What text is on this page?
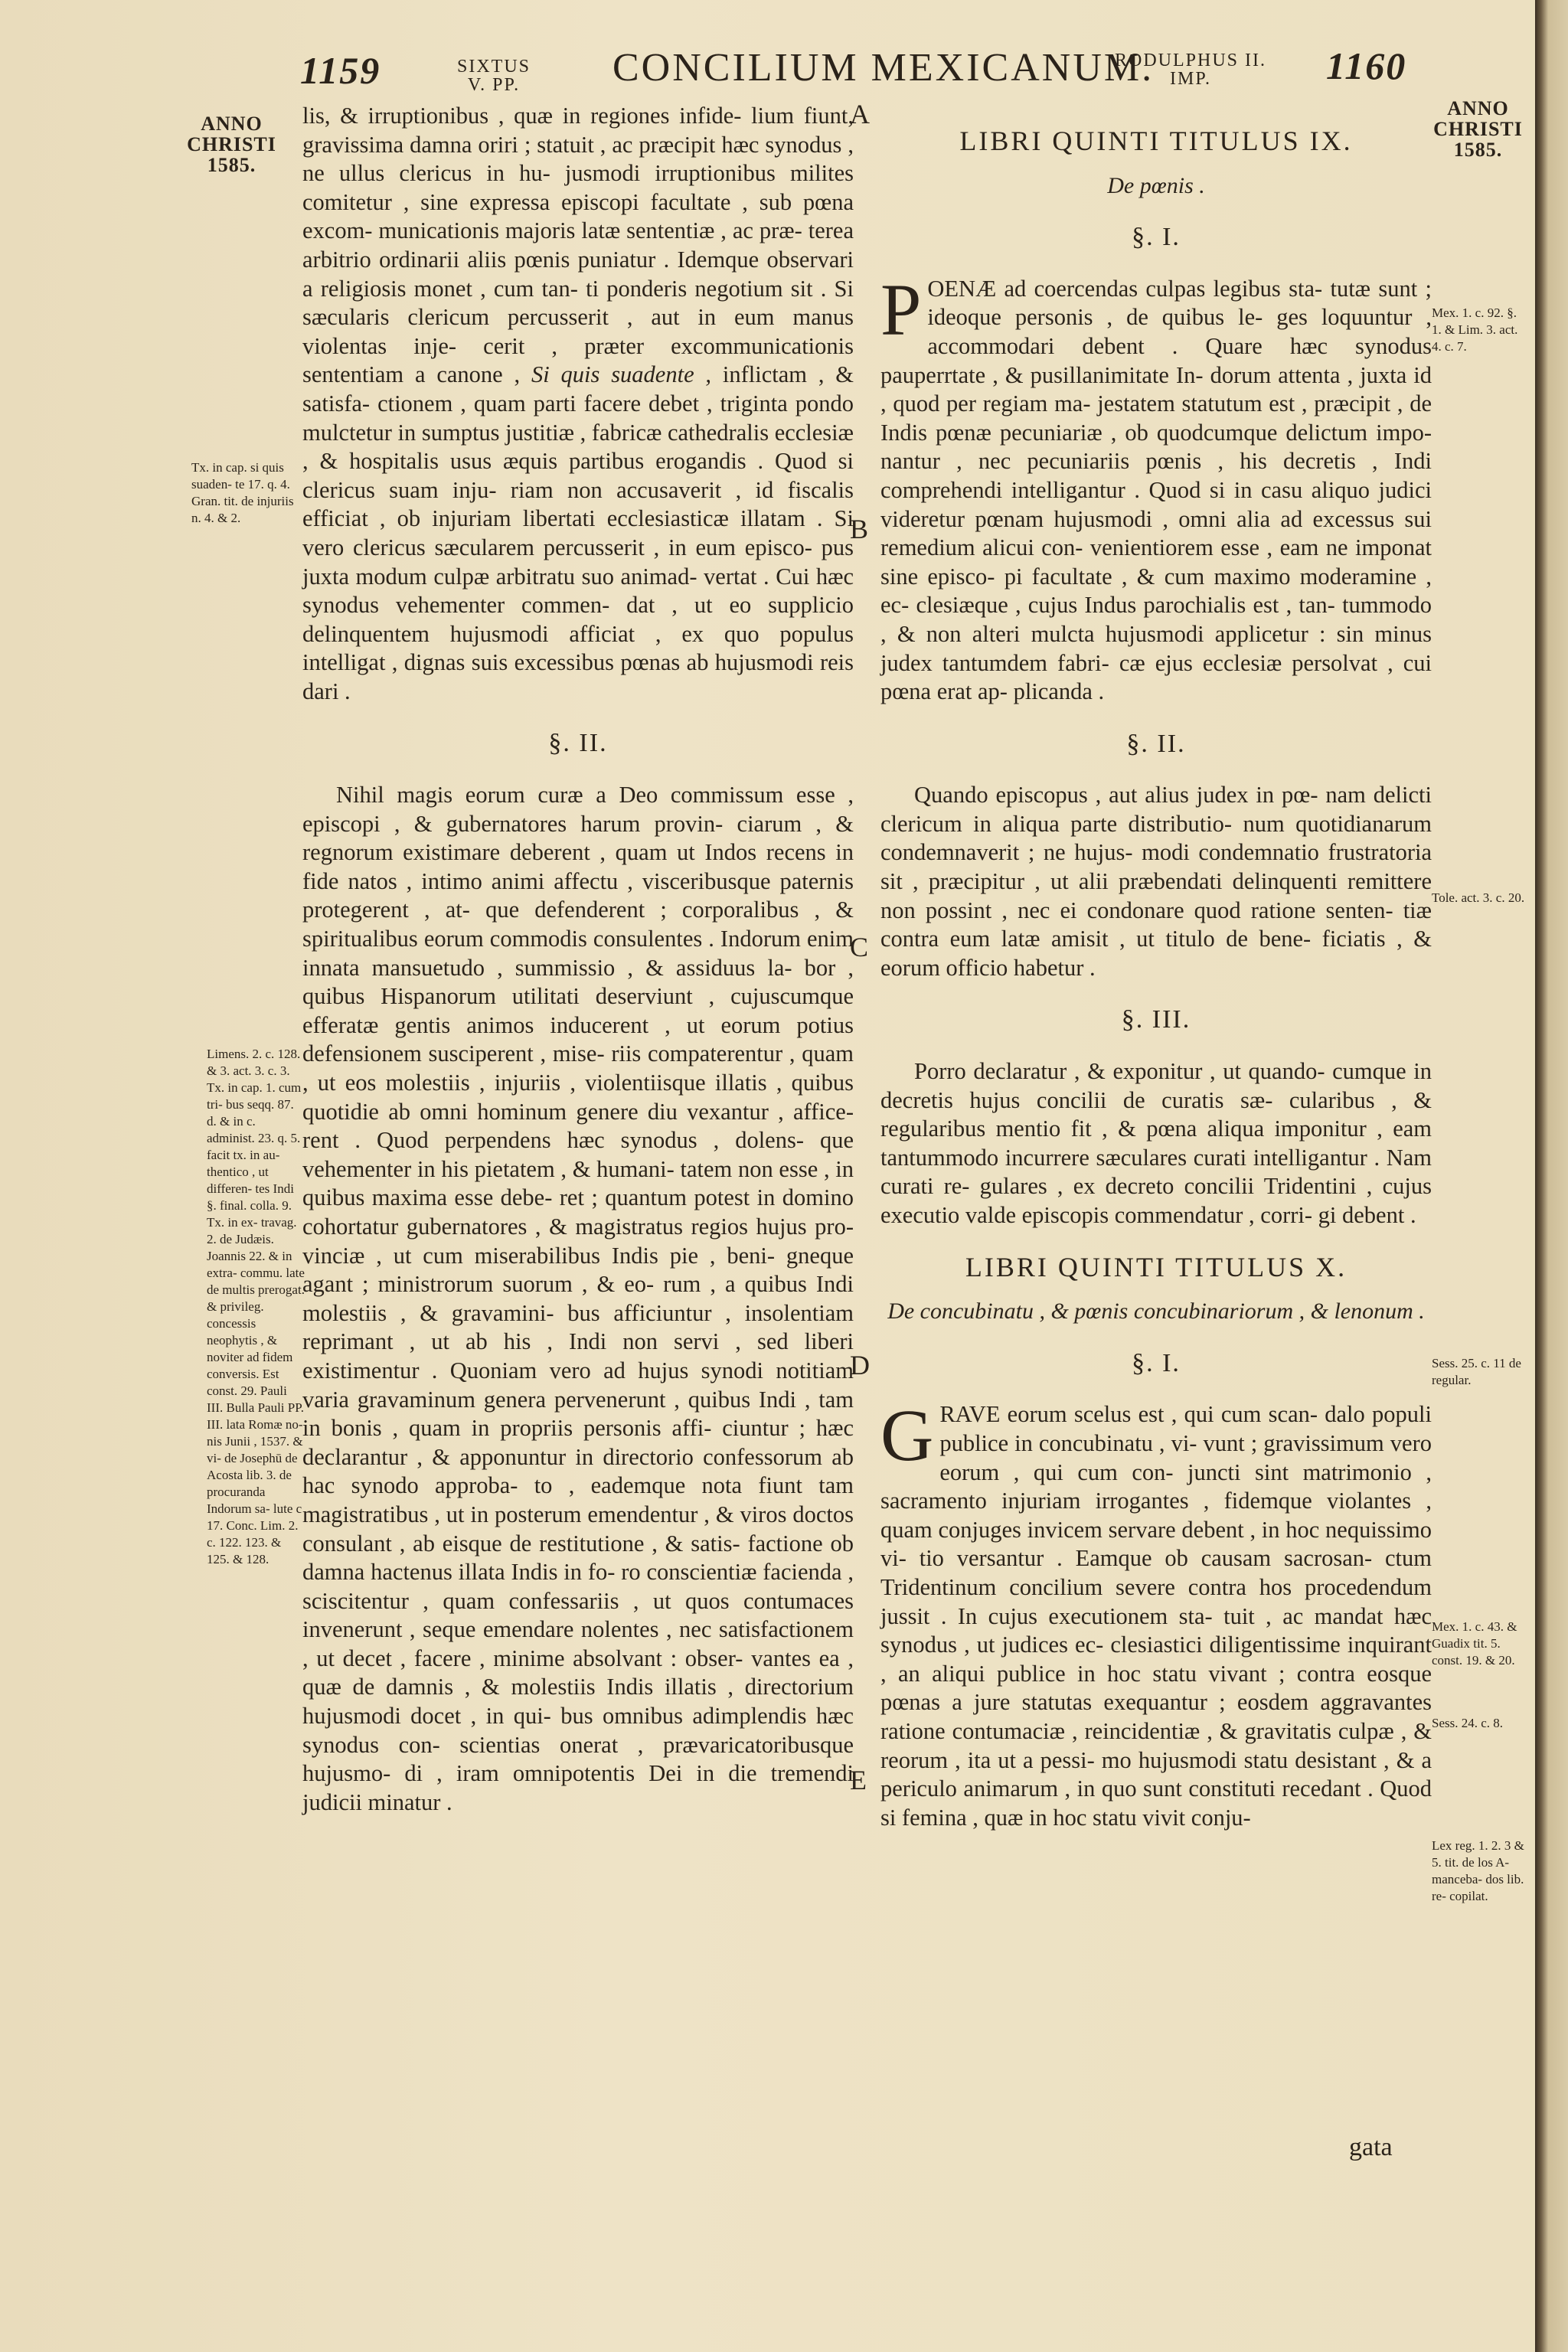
1159	SIXTUS V. PP.	CONCILIUM MEXICANUM.
RODULPHUS II. IMP.	1160
ANNO CHRISTI 1585.
ANNO CHRISTI 1585.
A
B
C
D
E
Tx. in cap. si quis suaden- te 17. q. 4. Gran. tit. de injuriis n. 4. & 2.
Limens. 2. c. 128. & 3. act. 3. c. 3. Tx. in cap. 1. cum tri- bus seqq. 87. d. & in c. administ. 23. q. 5. facit tx. in au- thentico , ut differen- tes Indi §. final. colla. 9. Tx. in ex- travag. 2. de Judæis. Joannis 22. & in extra- commu. late de multis prerogat. & privileg. concessis neophytis , & noviter ad fidem conversis. Est const. 29. Pauli III. Bulla Pauli PP. III. lata Romæ no- nis Junii , 1537. & vi- de Josephū de Acosta lib. 3. de procuranda Indorum sa- lute c 17. Conc. Lim. 2. c. 122. 123. & 125. & 128.

lis, & irruptionibus , quæ in regiones infide- lium fiunt, gravissima damna oriri ; statuit , ac præcipit hæc synodus , ne ullus clericus in hu- jusmodi irruptionibus milites comitetur , sine expressa episcopi facultate , sub pœna excom- municationis majoris latæ sententiæ , ac præ- terea arbitrio ordinarii aliis pœnis puniatur . Idemque observari a religiosis monet , cum tan- ti ponderis negotium sit . Si sæcularis clericum percusserit , aut in eum manus violentas inje- cerit , præter excommunicationis sententiam a canone , Si quis suadente , inflictam , & satisfa- ctionem , quam parti facere debet , triginta pondo mulctetur in sumptus justitiæ , fabricæ cathedralis ecclesiæ , & hospitalis usus æquis partibus erogandis . Quod si clericus suam inju- riam non accusaverit , id fiscalis efficiat , ob injuriam libertati ecclesiasticæ illatam . Si vero clericus sæcularem percusserit , in eum episco- pus juxta modum culpæ arbitratu suo animad- vertat . Cui hæc synodus vehementer commen- dat , ut eo supplicio delinquentem hujusmodi afficiat , ex quo populus intelligat , dignas suis excessibus pœnas ab hujusmodi reis dari .

§. II.

Nihil magis eorum curæ a Deo commissum esse , episcopi , & gubernatores harum provin- ciarum , & regnorum existimare deberent , quam ut Indos recens in fide natos , intimo animi affectu , visceribusque paternis protegerent , at- que defenderent ; corporalibus , & spiritualibus eorum commodis consulentes . Indorum enim innata mansuetudo , summissio , & assiduus la- bor , quibus Hispanorum utilitati deserviunt , cujuscumque efferatæ gentis animos inducerent , ut eorum potius defensionem susciperent , mise- riis compaterentur , quam , ut eos molestiis , injuriis , violentiisque illatis , quibus quotidie ab omni hominum genere diu vexantur , affice- rent . Quod perpendens hæc synodus , dolens- que vehementer in his pietatem , & humani- tatem non esse , in quibus maxima esse debe- ret ; quantum potest in domino cohortatur gubernatores , & magistratus regios hujus pro- vinciæ , ut cum miserabilibus Indis pie , beni- gneque agant ; ministrorum suorum , & eo- rum , a quibus Indi molestiis , & gravamini- bus afficiuntur , insolentiam reprimant , ut ab his , Indi non servi , sed liberi existimentur . Quoniam vero ad hujus synodi notitiam varia gravaminum genera pervenerunt , quibus Indi , tam in bonis , quam in propriis personis affi- ciuntur ; hæc declarantur , & apponuntur in directorio confessorum ab hac synodo approba- to , eademque nota fiunt tam magistratibus , ut in posterum emendentur , & viros doctos consulant , ab eisque de restitutione , & satis- factione ob damna hactenus illata Indis in fo- ro conscientiæ facienda , sciscitentur , quam confessariis , ut quos contumaces invenerunt , seque emendare nolentes , nec satisfactionem , ut decet , facere , minime absolvant : obser- vantes ea , quæ de damnis , & molestiis Indis illatis , directorium hujusmodi docet , in qui- bus omnibus adimplendis hæc synodus con- scientias onerat , prævaricatoribusque hujusmo- di , iram omnipotentis Dei in die tremendi judicii minatur .

LIBRI QUINTI TITULUS IX.
De pœnis .
§. I.

POENÆ ad coercendas culpas legibus sta- tutæ sunt ; ideoque personis , de quibus le- ges loquuntur , accommodari debent . Quare hæc synodus pauperrtate , & pusillanimitate In- dorum attenta , juxta id , quod per regiam ma- jestatem statutum est , præcipit , de Indis pœnæ pecuniariæ , ob quodcumque delictum impo- nantur , nec pecuniariis pœnis , his decretis , Indi comprehendi intelligantur . Quod si in casu aliquo judici videretur pœnam hujusmodi , omni alia ad excessus sui remedium alicui con- venientiorem esse , eam ne imponat sine episco- pi facultate , & cum maximo moderamine , ec- clesiæque , cujus Indus parochialis est , tan- tummodo , & non alteri mulcta hujusmodi applicetur : sin minus judex tantumdem fabri- cæ ejus ecclesiæ persolvat , cui pœna erat ap- plicanda .

§. II.

Quando episcopus , aut alius judex in pœ- nam delicti clericum in aliqua parte distributio- num quotidianarum condemnaverit ; ne hujus- modi condemnatio frustratoria sit , præcipitur , ut alii præbendati delinquenti remittere non possint , nec ei condonare quod ratione senten- tiæ contra eum latæ amisit , ut titulo de bene- ficiatis , & eorum officio habetur .

§. III.

Porro declaratur , & exponitur , ut quando- cumque in decretis hujus concilii de curatis sæ- cularibus , & regularibus mentio fit , & pœna aliqua imponitur , eam tantummodo incurrere sæculares curati intelligantur . Nam curati re- gulares , ex decreto concilii Tridentini , cujus executio valde episcopis commendatur , corri- gi debent .

LIBRI QUINTI TITULUS X.
De concubinatu , & pœnis concubinariorum , & lenonum .
§. I.

GRAVE eorum scelus est , qui cum scan- dalo populi publice in concubinatu , vi- vunt ; gravissimum vero eorum , qui cum con- juncti sint matrimonio , sacramento injuriam irrogantes , fidemque violantes , quam conjuges invicem servare debent , in hoc nequissimo vi- tio versantur . Eamque ob causam sacrosan- ctum Tridentinum concilium severe contra hos procedendum jussit . In cujus executionem sta- tuit , ac mandat hæc synodus , ut judices ec- clesiastici diligentissime inquirant , an aliqui publice in hoc statu vivant ; contra eosque pœnas a jure statutas exequantur ; eosdem aggravantes ratione contumaciæ , reincidentiæ , & gravitatis culpæ , & reorum , ita ut a pessi- mo hujusmodi statu desistant , & a periculo animarum , in quo sunt constituti recedant . Quod si femina , quæ in hoc statu vivit conju-

gata
Mex. 1. c. 92. §. 1. & Lim. 3. act. 4. c. 7.
Tole. act. 3. c. 20.
Sess. 25. c. 11 de regular.
Mex. 1. c. 43. & Guadix tit. 5. const. 19. & 20.
Sess. 24. c. 8.
Lex reg. 1. 2. 3 & 5. tit. de los A- manceba- dos lib. re- copilat.
